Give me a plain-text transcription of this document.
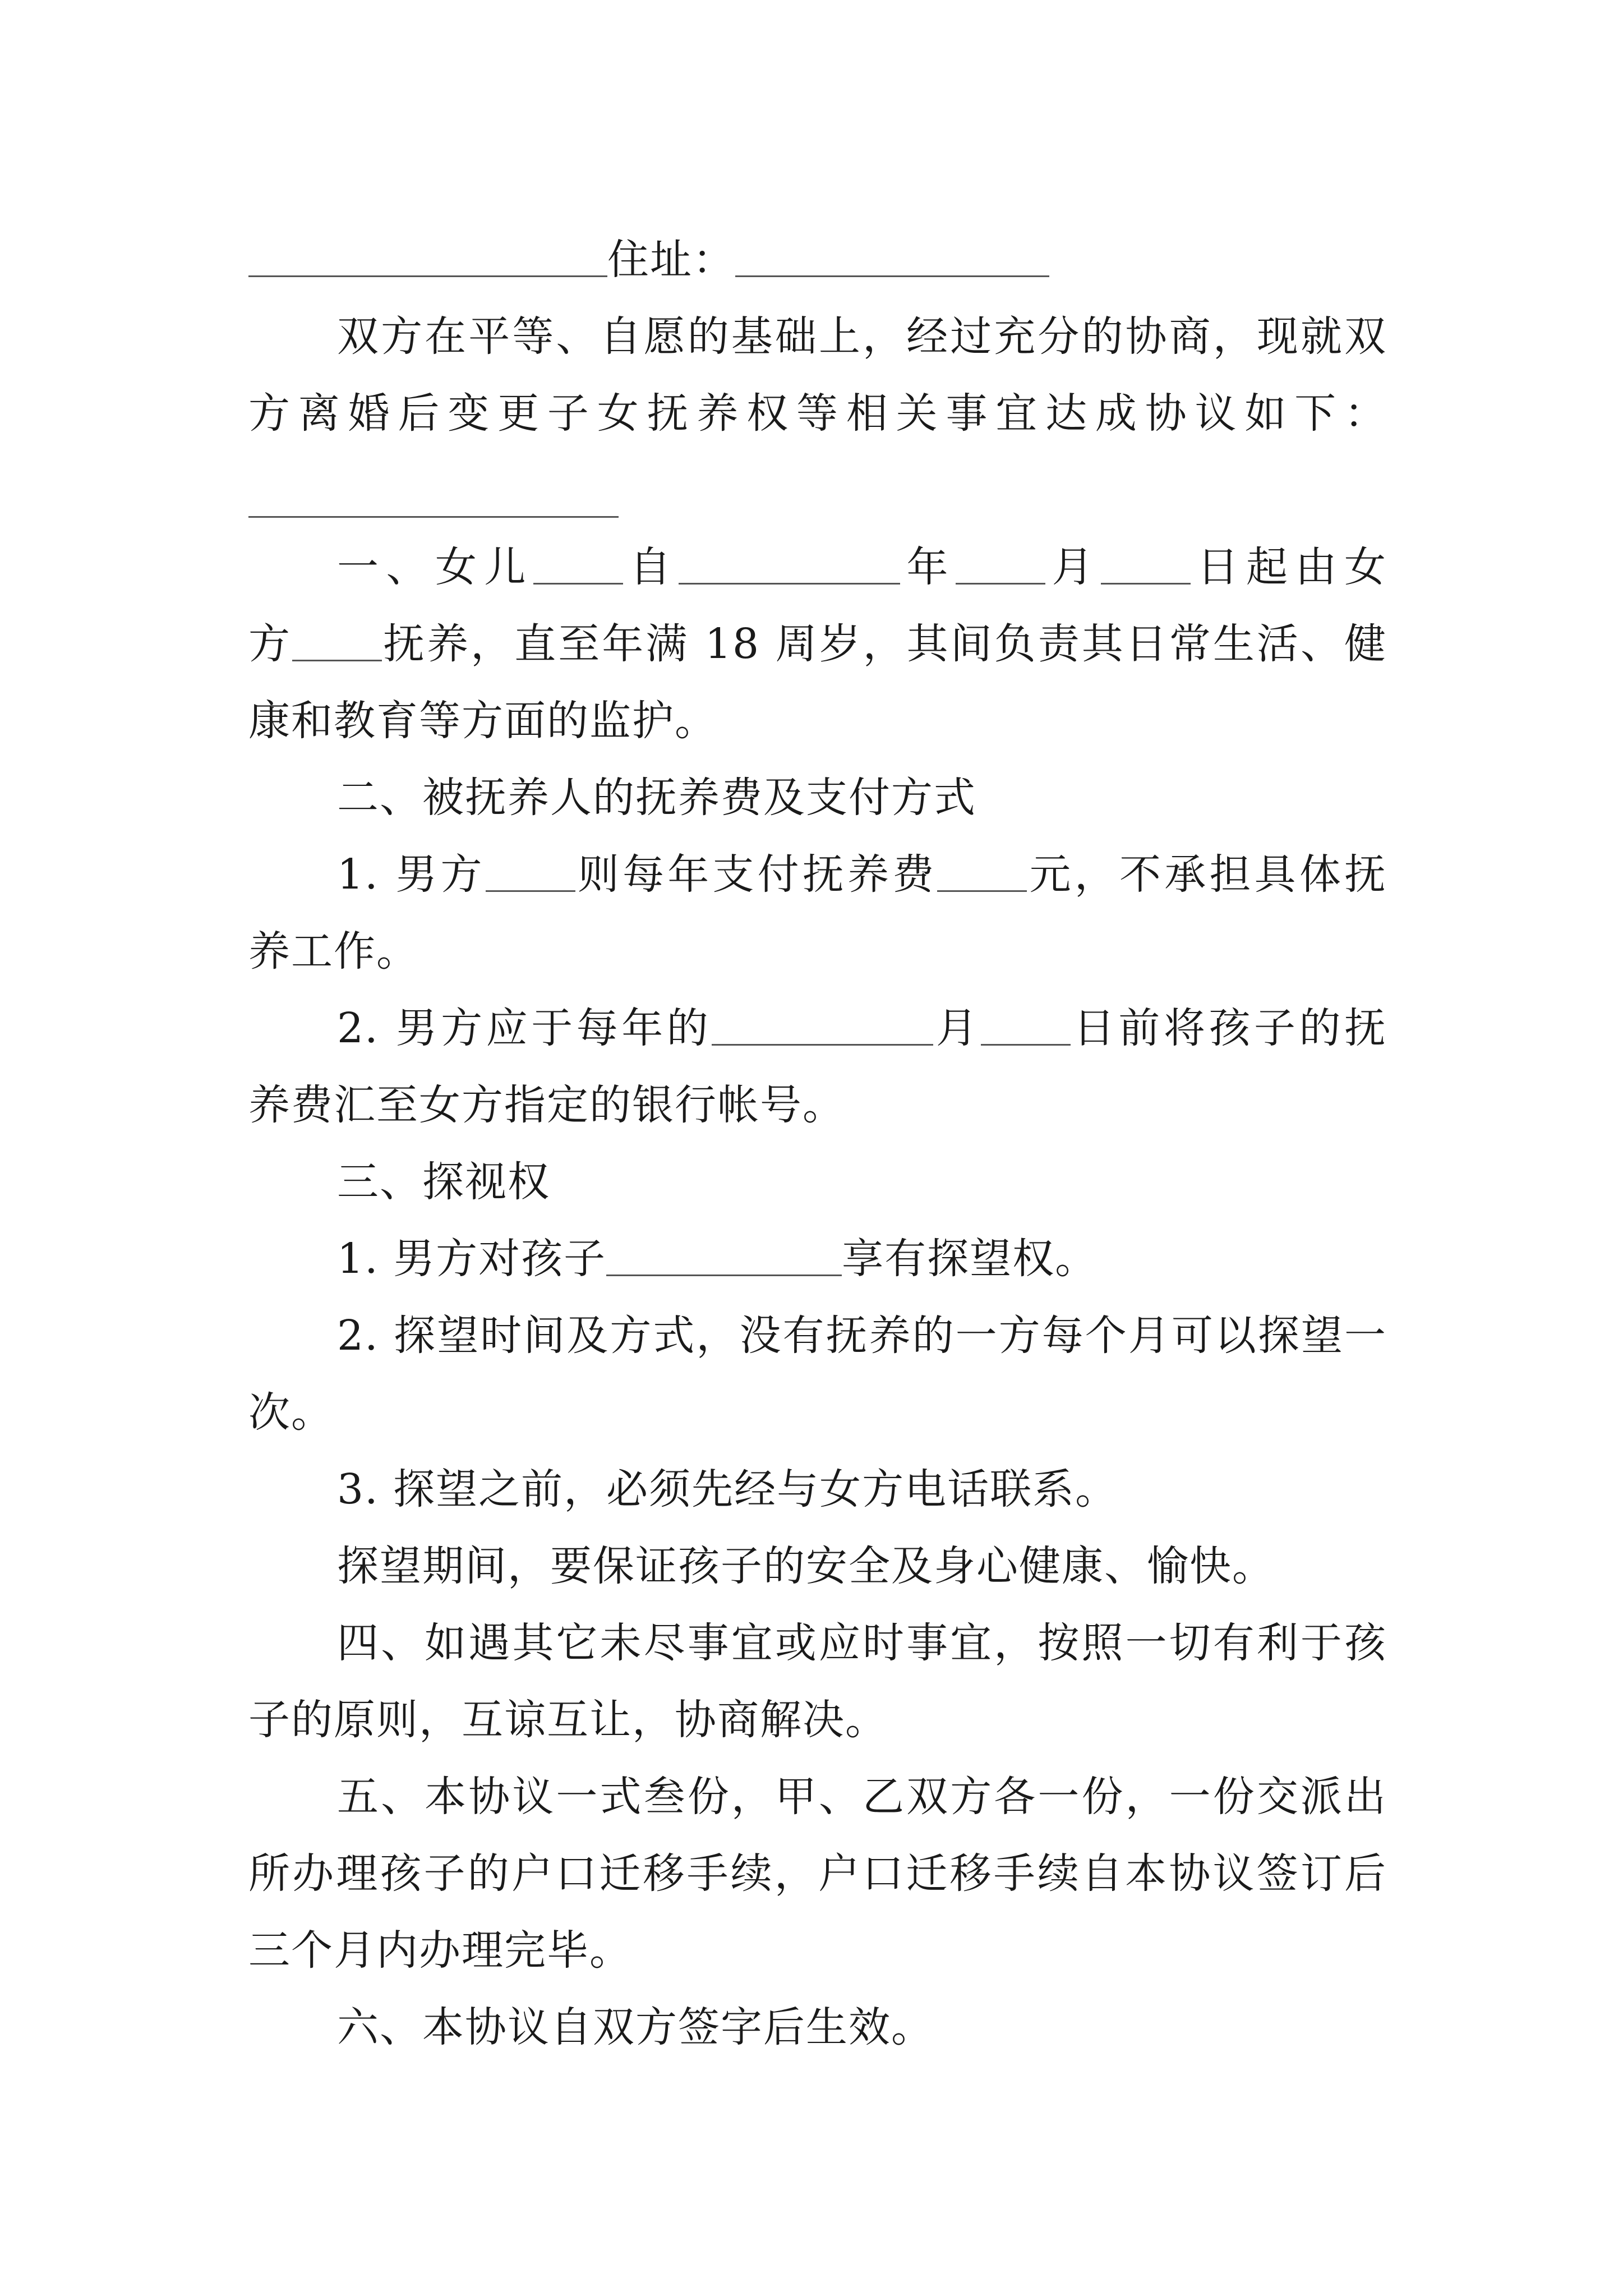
住址：
双方在平等、自愿的基础上，经过充分的协商，现就双
方离婚后变更子女抚养权等相关事宜达成协议如下：
一、女儿 自	年 月 日起由女
方 抚养，直至年满 18 周岁，其间负责其日常生活、健
康和教育等方面的监护。
二、被抚养人的抚养费及支付方式
1. 男方 则每年支付抚养费 元，不承担具体抚
养工作。
2. 男方应于每年的	月 日前将孩子的抚
养费汇至女方指定的银行帐号。
三、探视权
1. 男方对孩子	享有探望权。
2. 探望时间及方式，没有抚养的一方每个月可以探望一
次。
3. 探望之前，必须先经与女方电话联系。
探望期间，要保证孩子的安全及身心健康、愉快。
四、如遇其它未尽事宜或应时事宜，按照一切有利于孩
子的原则，互谅互让，协商解决。
五、本协议一式叁份，甲、乙双方各一份，一份交派出
所办理孩子的户口迁移手续，户口迁移手续自本协议签订后
三个月内办理完毕。
六、本协议自双方签字后生效。
